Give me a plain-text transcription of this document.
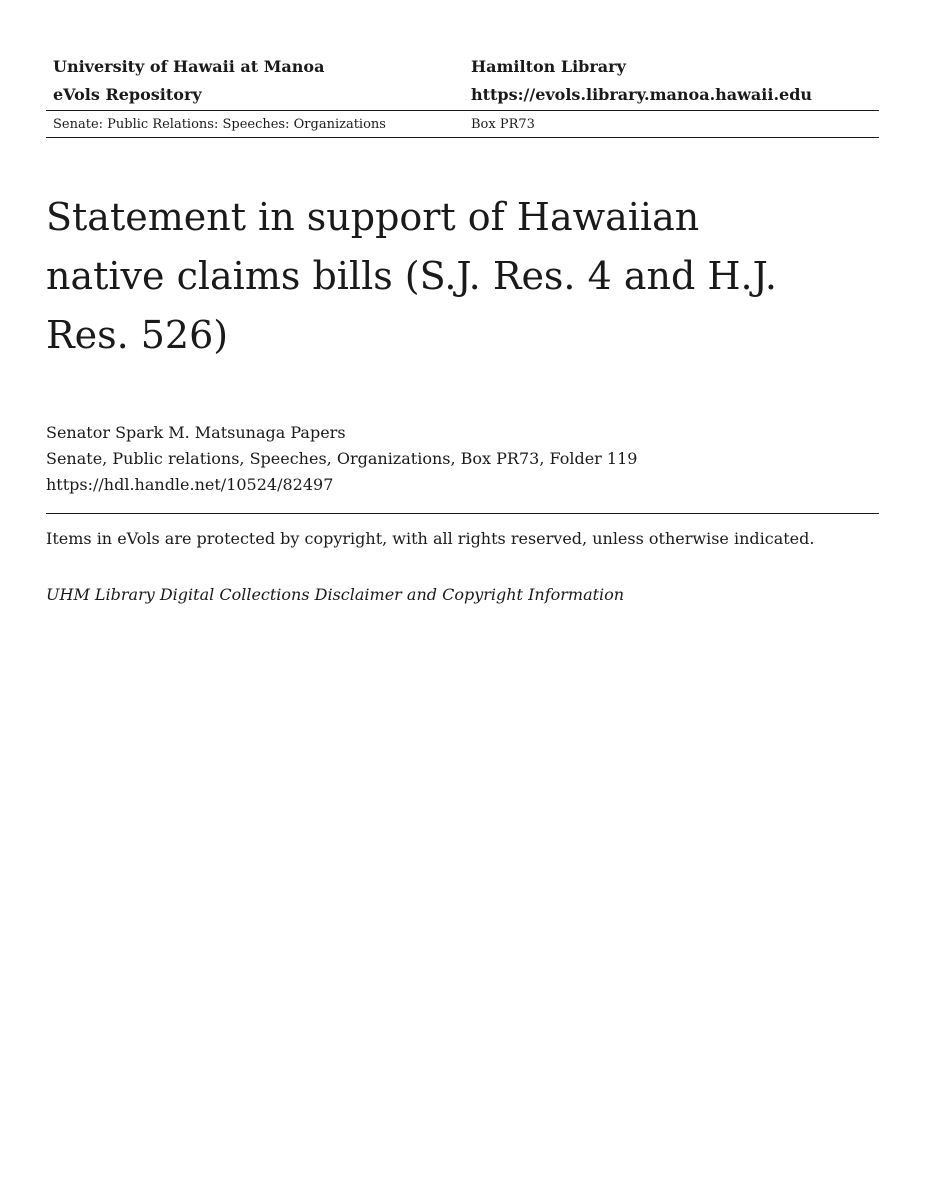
University of Hawaii at Manoa	Hamilton Library
eVols Repository	https://evols.library.manoa.hawaii.edu
Senate: Public Relations: Speeches: Organizations	Box PR73
Statement in support of Hawaiian native claims bills (S.J. Res. 4 and H.J. Res. 526)
Senator Spark M. Matsunaga Papers
Senate, Public relations, Speeches, Organizations, Box PR73, Folder 119
https://hdl.handle.net/10524/82497
Items in eVols are protected by copyright, with all rights reserved, unless otherwise indicated.
UHM Library Digital Collections Disclaimer and Copyright Information
